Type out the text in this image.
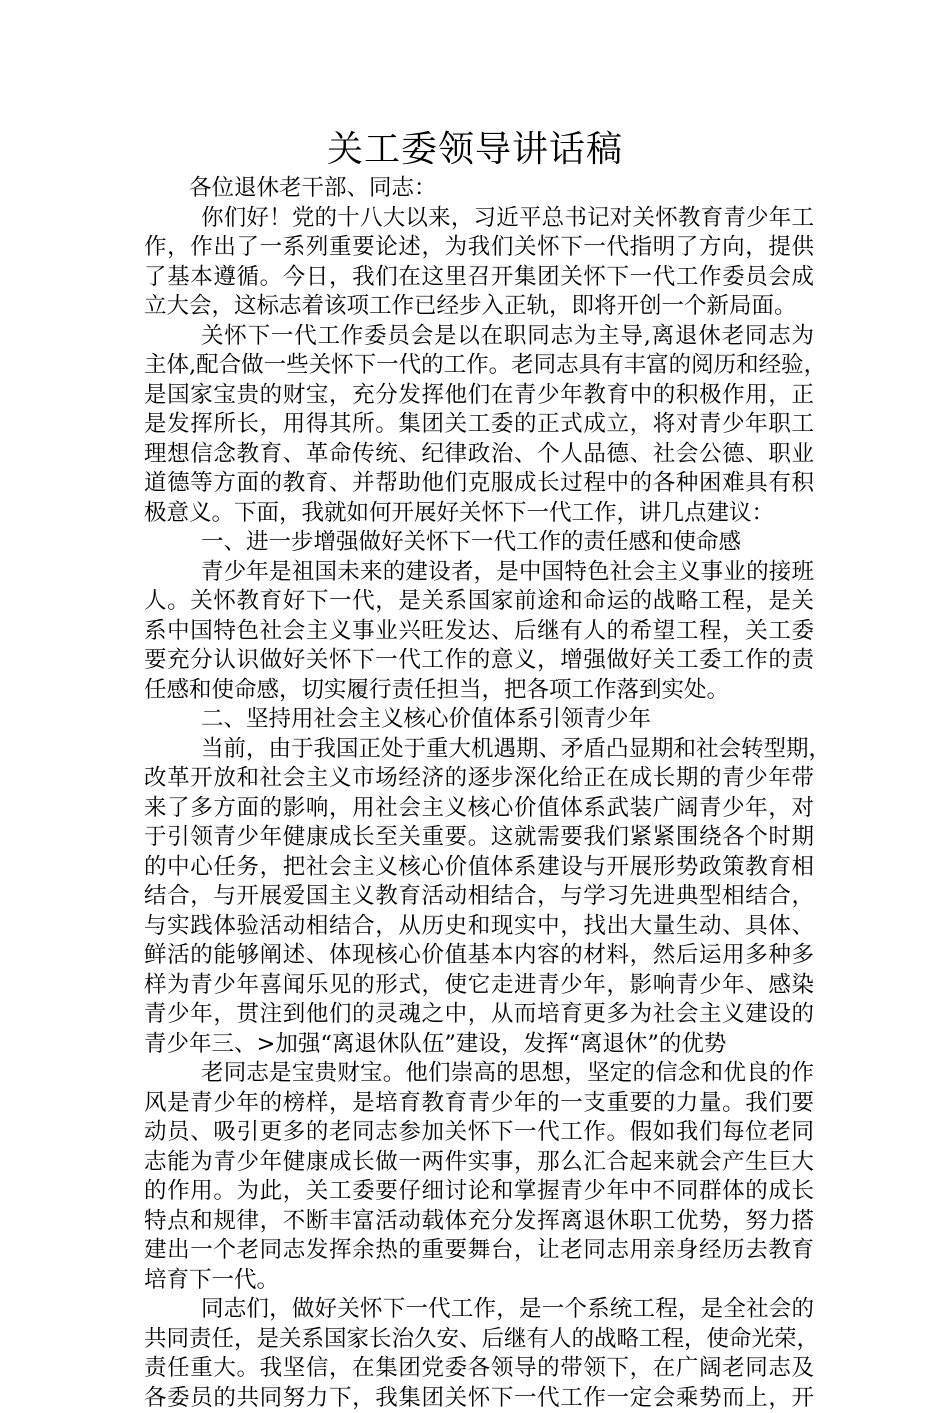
关工委领导讲话稿
各位退休老干部、同志：
你们好！党的十八大以来，习近平总书记对关怀教育青少年工
作，作出了一系列重要论述，为我们关怀下一代指明了方向，提供
了基本遵循。今日，我们在这里召开集团关怀下一代工作委员会成
立大会，这标志着该项工作已经步入正轨，即将开创一个新局面。
关怀下一代工作委员会是以在职同志为主导,离退休老同志为
主体,配合做一些关怀下一代的工作。老同志具有丰富的阅历和经验，
是国家宝贵的财宝，充分发挥他们在青少年教育中的积极作用，正
是发挥所长，用得其所。集团关工委的正式成立，将对青少年职工
理想信念教育、革命传统、纪律政治、个人品德、社会公德、职业
道德等方面的教育、并帮助他们克服成长过程中的各种困难具有积
极意义。下面，我就如何开展好关怀下一代工作，讲几点建议：
一、进一步增强做好关怀下一代工作的责任感和使命感
青少年是祖国未来的建设者，是中国特色社会主义事业的接班
人。关怀教育好下一代，是关系国家前途和命运的战略工程，是关
系中国特色社会主义事业兴旺发达、后继有人的希望工程，关工委
要充分认识做好关怀下一代工作的意义，增强做好关工委工作的责
任感和使命感，切实履行责任担当，把各项工作落到实处。
二、坚持用社会主义核心价值体系引领青少年
当前，由于我国正处于重大机遇期、矛盾凸显期和社会转型期，
改革开放和社会主义市场经济的逐步深化给正在成长期的青少年带
来了多方面的影响，用社会主义核心价值体系武装广阔青少年，对
于引领青少年健康成长至关重要。这就需要我们紧紧围绕各个时期
的中心任务，把社会主义核心价值体系建设与开展形势政策教育相
结合，与开展爱国主义教育活动相结合，与学习先进典型相结合，
与实践体验活动相结合，从历史和现实中，找出大量生动、具体、
鲜活的能够阐述、体现核心价值基本内容的材料，然后运用多种多
样为青少年喜闻乐见的形式，使它走进青少年，影响青少年、感染
青少年，贯注到他们的灵魂之中，从而培育更多为社会主义建设的
青少年三、>加强“离退休队伍”建设，发挥“离退休”的优势
老同志是宝贵财宝。他们崇高的思想，坚定的信念和优良的作
风是青少年的榜样，是培育教育青少年的一支重要的力量。我们要
动员、吸引更多的老同志参加关怀下一代工作。假如我们每位老同
志能为青少年健康成长做一两件实事，那么汇合起来就会产生巨大
的作用。为此，关工委要仔细讨论和掌握青少年中不同群体的成长
特点和规律，不断丰富活动载体充分发挥离退休职工优势，努力搭
建出一个老同志发挥余热的重要舞台，让老同志用亲身经历去教育
培育下一代。
同志们，做好关怀下一代工作，是一个系统工程，是全社会的
共同责任，是关系国家长治久安、后继有人的战略工程，使命光荣，
责任重大。我坚信，在集团党委各领导的带领下，在广阔老同志及
各委员的共同努力下，我集团关怀下一代工作一定会乘势而上，开
